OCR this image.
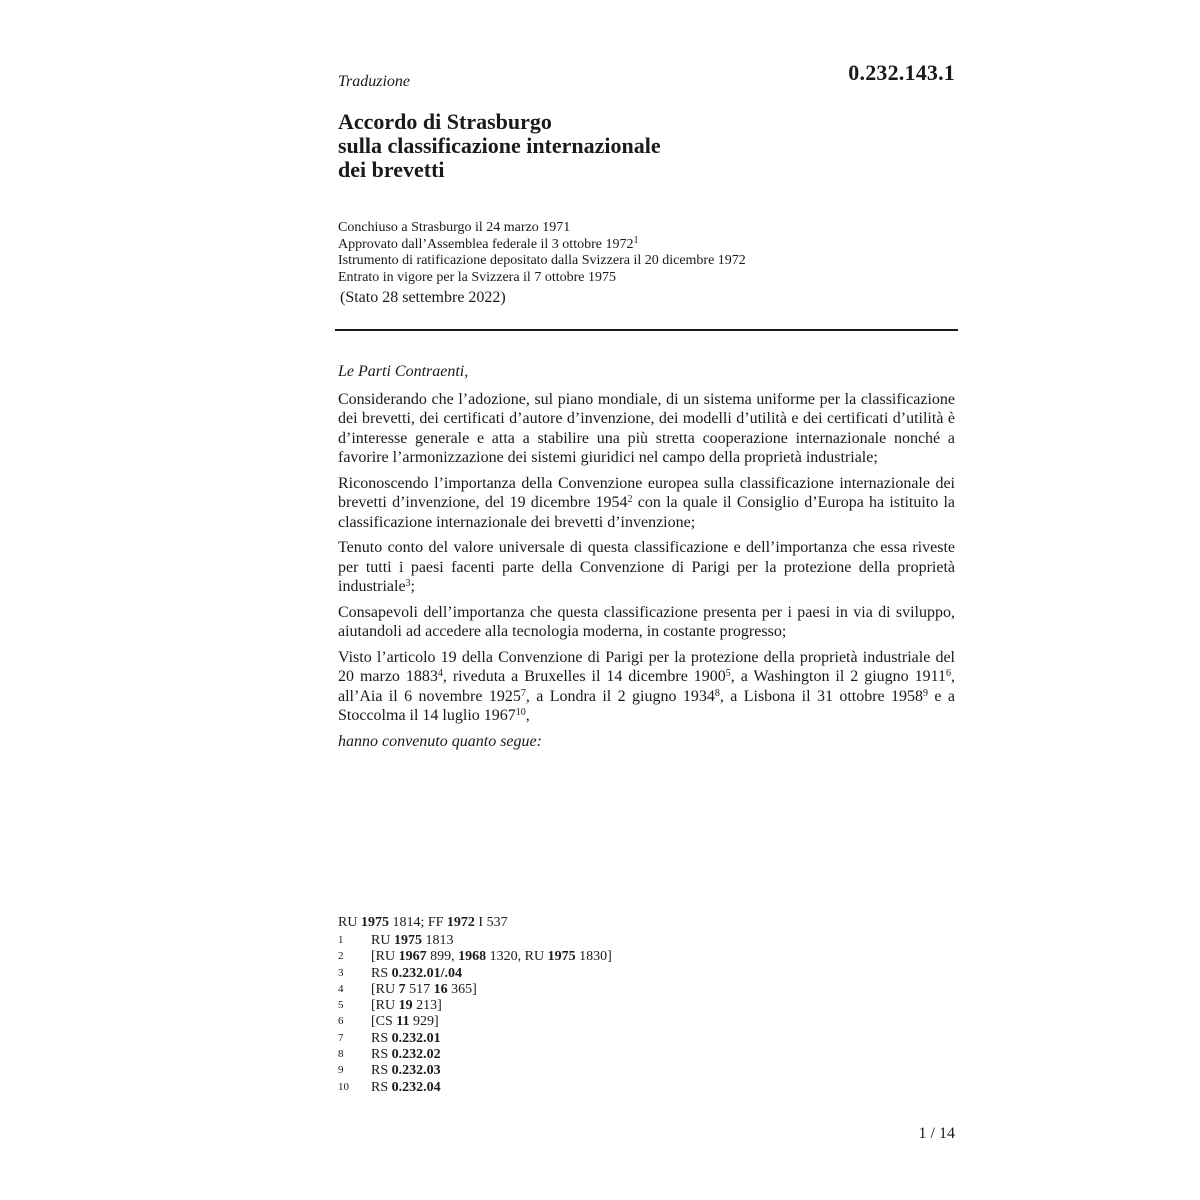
0.232.143.1
Traduzione
Accordo di Strasburgo
sulla classificazione internazionale
dei brevetti
Conchiuso a Strasburgo il 24 marzo 1971
Approvato dall’Assemblea federale il 3 ottobre 1972$^1$
Istrumento di ratificazione depositato dalla Svizzera il 20 dicembre 1972
Entrato in vigore per la Svizzera il 7 ottobre 1975
(Stato 28 settembre 2022)

Le Parti Contraenti,

Considerando che l’adozione, sul piano mondiale, di un sistema uniforme per la classificazione dei brevetti, dei certificati d’autore d’invenzione, dei modelli d’utilità e dei certificati d’utilità è d’interesse generale e atta a stabilire una più stretta cooperazione internazionale nonché a favorire l’armonizzazione dei sistemi giuridici nel campo della proprietà industriale;

Riconoscendo l’importanza della Convenzione europea sulla classificazione internazionale dei brevetti d’invenzione, del 19 dicembre 1954$^2$ con la quale il Consiglio d’Europa ha istituito la classificazione internazionale dei brevetti d’invenzione;

Tenuto conto del valore universale di questa classificazione e dell’importanza che essa riveste per tutti i paesi facenti parte della Convenzione di Parigi per la protezione della proprietà industriale$^3$;

Consapevoli dell’importanza che questa classificazione presenta per i paesi in via di sviluppo, aiutandoli ad accedere alla tecnologia moderna, in costante progresso;

Visto l’articolo 19 della Convenzione di Parigi per la protezione della proprietà industriale del 20 marzo 1883$^4$, riveduta a Bruxelles il 14 dicembre 1900$^5$, a Washington il 2 giugno 1911$^6$, all’Aia il 6 novembre 1925$^7$, a Londra il 2 giugno 1934$^8$, a Lisbona il 31 ottobre 1958$^9$ e a Stoccolma il 14 luglio 1967$^{10}$,

hanno convenuto quanto segue:

RU 1975 1814; FF 1972 I 537
1	RU 1975 1813
2	[RU 1967 899, 1968 1320, RU 1975 1830]
3	RS 0.232.01/.04
4	[RU 7 517 16 365]
5	[RU 19 213]
6	[CS 11 929]
7	RS 0.232.01
8	RS 0.232.02
9	RS 0.232.03
10	RS 0.232.04
1 / 14
